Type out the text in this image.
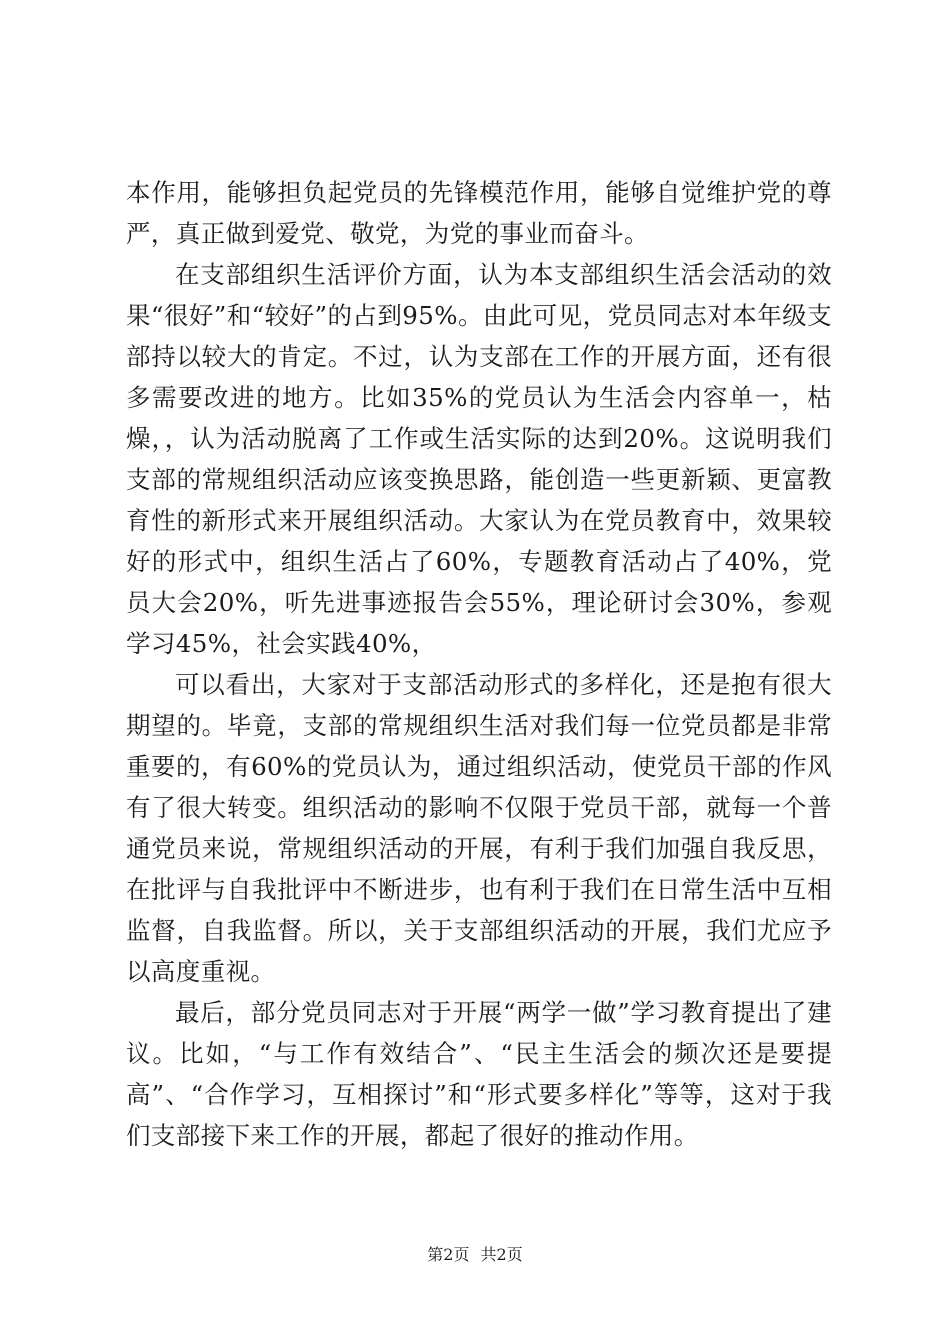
本作用，能够担负起党员的先锋模范作用，能够自觉维护党的尊严，真正做到爱党、敬党，为党的事业而奋斗。

在支部组织生活评价方面，认为本支部组织生活会活动的效果“很好”和“较好”的占到95%。由此可见，党员同志对本年级支部持以较大的肯定。不过，认为支部在工作的开展方面，还有很多需要改进的地方。比如35%的党员认为生活会内容单一，枯燥，，认为活动脱离了工作或生活实际的达到20%。这说明我们支部的常规组织活动应该变换思路，能创造一些更新颖、更富教育性的新形式来开展组织活动。大家认为在党员教育中，效果较好的形式中，组织生活占了60%，专题教育活动占了40%，党员大会20%，听先进事迹报告会55%，理论研讨会30%，参观学习45%，社会实践40%，

可以看出，大家对于支部活动形式的多样化，还是抱有很大期望的。毕竟，支部的常规组织生活对我们每一位党员都是非常重要的，有60%的党员认为，通过组织活动，使党员干部的作风有了很大转变。组织活动的影响不仅限于党员干部，就每一个普通党员来说，常规组织活动的开展，有利于我们加强自我反思，在批评与自我批评中不断进步，也有利于我们在日常生活中互相监督，自我监督。所以，关于支部组织活动的开展，我们尤应予以高度重视。

最后，部分党员同志对于开展“两学一做”学习教育提出了建议。比如，“与工作有效结合”、“民主生活会的频次还是要提高”、“合作学习，互相探讨”和“形式要多样化”等等，这对于我们支部接下来工作的开展，都起了很好的推动作用。

第2页 共2页
